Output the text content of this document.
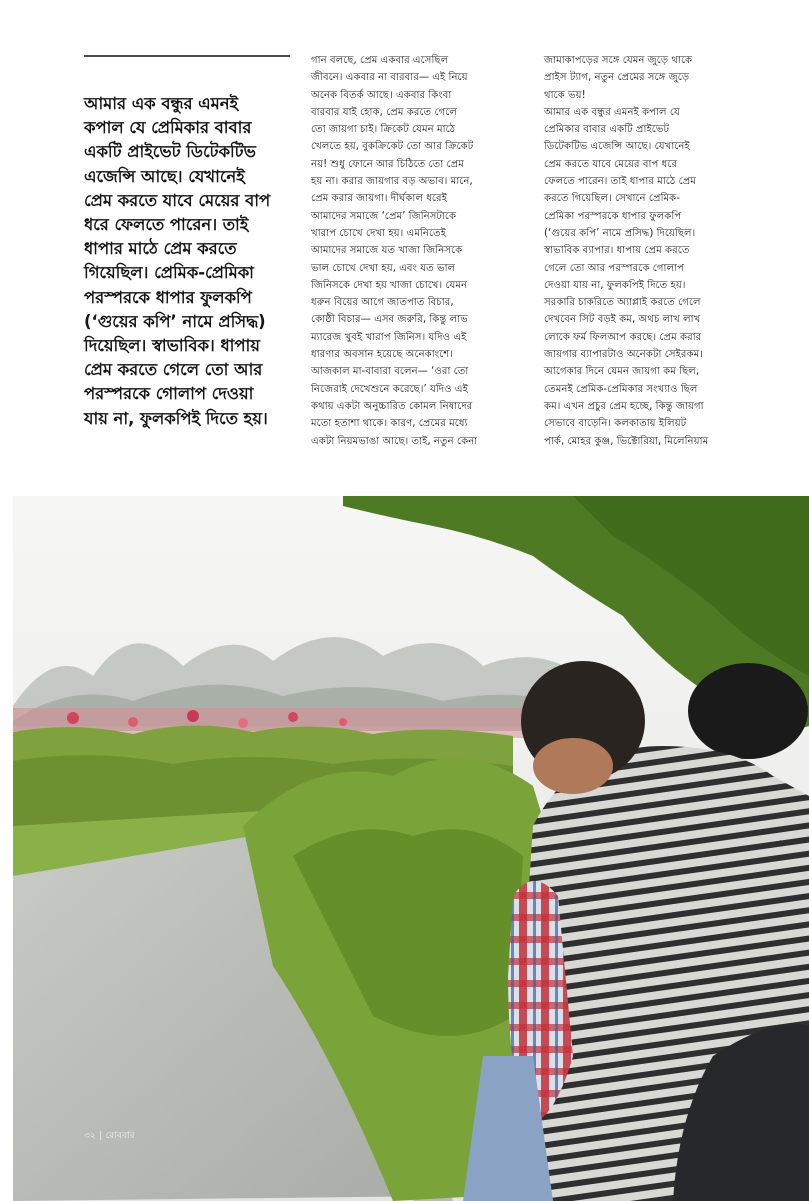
আমার এক বন্ধুর এমনই
কপাল যে প্রেমিকার বাবার
একটি প্রাইভেট ডিটেকটিভ
এজেন্সি আছে। যেখানেই
প্রেম করতে যাবে মেয়ের বাপ
ধরে ফেলতে পারেন। তাই
ধাপার মাঠে প্রেম করতে
গিয়েছিল। প্রেমিক-প্রেমিকা
পরস্পরকে ধাপার ফুলকপি
(‘গুয়ের কপি’ নামে প্রসিদ্ধ)
দিয়েছিল। স্বাভাবিক। ধাপায়
প্রেম করতে গেলে তো আর
পরস্পরকে গোলাপ দেওয়া
যায় না, ফুলকপিই দিতে হয়।

গান বলছে, প্রেম একবার এসেছিল
জীবনে। একবার না বারবার— এই নিয়ে
অনেক বিতর্ক আছে। একবার কিংবা
বারবার যাই হোক, প্রেম করতে গেলে
তো জায়গা চাই। ক্রিকেট যেমন মাঠে
খেলতে হয়, বুকক্রিকেট তো আর ক্রিকেট
নয়! শুধু ফোনে আর চিঠিতে তো প্রেম
হয় না। করার জায়গার বড় অভাব। মানে,
প্রেম করার জায়গা। দীর্ঘকাল ধরেই
আমাদের সমাজে ‘প্রেম’ জিনিসটাকে
খারাপ চোখে দেখা হয়। এমনিতেই
আমাদের সমাজে যত খাজা জিনিসকে
ভাল চোখে দেখা হয়, এবং যত ভাল
জিনিসকে দেখা হয় খাজা চোখে। যেমন
ধরুন বিয়ের আগে জাতপাত বিচার,
কোষ্ঠী বিচার— এসব জরুরি, কিন্তু লাভ
ম্যারেজ খুবই খারাপ জিনিস। যদিও এই
ধারণার অবসান হয়েছে অনেকাংশে।
আজকাল মা-বাবারা বলেন— ‘ওরা তো
নিজেরাই দেখেশুনে করেছে।’ যদিও এই
কথায় একটা অনুচ্চারিত কোমল নিষাদের
মতো হতাশা থাকে। কারণ, প্রেমের মধ্যে
একটা নিয়মভাঙা আছে। তাই, নতুন কেনা

জামাকাপড়ের সঙ্গে যেমন জুড়ে থাকে
প্রাইস ট্যাগ, নতুন প্রেমের সঙ্গে জুড়ে
থাকে ভয়!
আমার এক বন্ধুর এমনই কপাল যে
প্রেমিকার বাবার একটি প্রাইভেট
ডিটেকটিভ এজেন্সি আছে। যেখানেই
প্রেম করতে যাবে মেয়ের বাপ ধরে
ফেলতে পারেন। তাই ধাপার মাঠে প্রেম
করতে গিয়েছিল। সেখানে প্রেমিক-
প্রেমিকা পরস্পরকে ধাপার ফুলকপি
(‘গুয়ের কপি’ নামে প্রসিদ্ধ) দিয়েছিল।
স্বাভাবিক ব্যাপার। ধাপায় প্রেম করতে
গেলে তো আর পরস্পরকে গোলাপ
দেওয়া যায় না, ফুলকপিই দিতে হয়।
সরকারি চাকরিতে অ্যাপ্লাই করতে গেলে
দেখবেন সিট বড়ই কম, অথচ লাখ লাখ
লোকে ফর্ম ফিলআপ করছে। প্রেম করার
জায়গার ব্যাপারটাও অনেকটা সেইরকম।
আগেকার দিনে যেমন জায়গা কম ছিল,
তেমনই প্রেমিক-প্রেমিকার সংখ্যাও ছিল
কম। এখন প্রচুর প্রেম হচ্ছে, কিন্তু জায়গা
সেভাবে বাড়েনি। কলকাতায় ইলিয়ট
পার্ক, মোহর কুঞ্জ, ভিক্টোরিয়া, মিলেনিয়াম

৩২ | রোববার
